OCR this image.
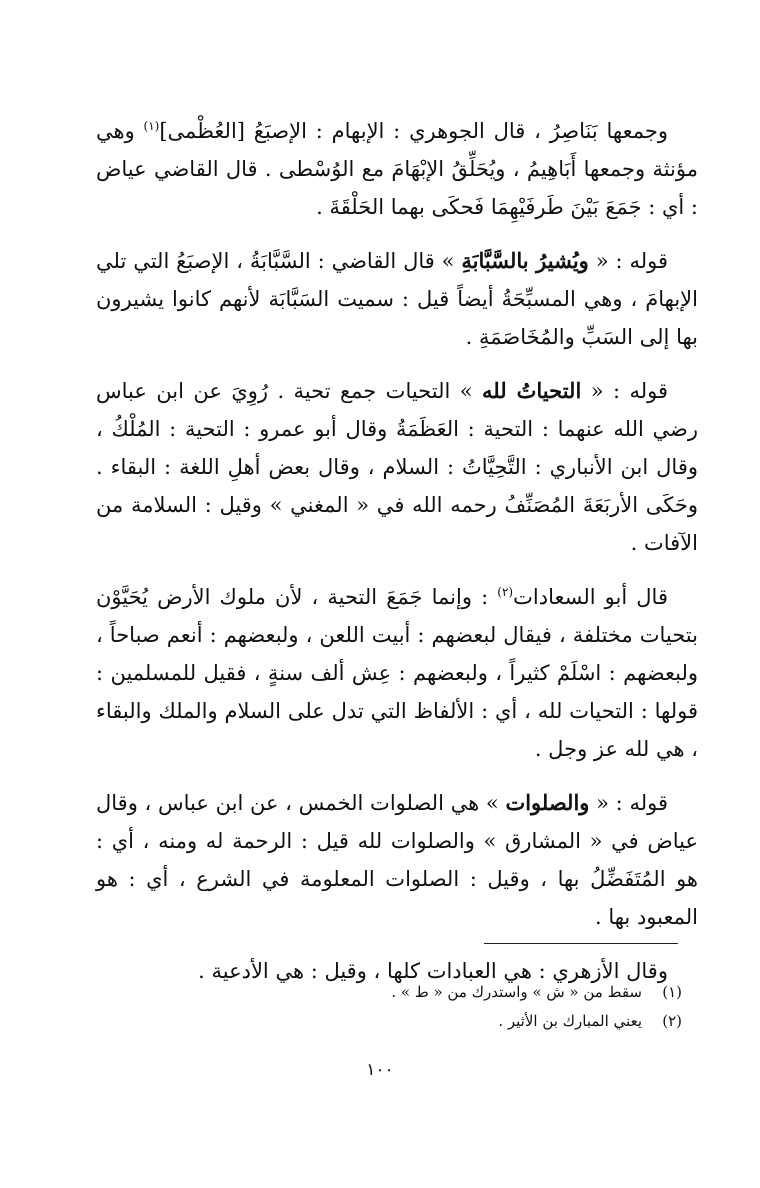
وجمعها بَنَاصِرُ ، قال الجوهري : الإبهام : الإصبَعُ [العُظْمى]$^{(١)}$ وهي مؤنثة وجمعها أَبَاهِيمُ ، ويُحَلِّقُ الإبْهَامَ مع الوُسْطى . قال القاضي عياض : أي : جَمَعَ بَيْنَ طَرفَيْهِمَا فَحكَى بهما الحَلْقَةَ .

قوله : « ويُشيرُ بالسَّبَّابَةِ » قال القاضي : السَّبَّابَةُ ، الإصبَعُ التي تلي الإبهامَ ، وهي المسبِّحَةُ أيضاً قيل : سميت السَبَّابَة لأنهم كانوا يشيرون بها إلى السَبِّ والمُخَاصَمَةِ .

قوله : « التحياتُ لله » التحيات جمع تحية . رُوِيَ عن ابن عباس رضي الله عنهما : التحية : العَظَمَةُ وقال أبو عمرو : التحية : المُلْكُ ، وقال ابن الأنباري : التَّحِيَّاتُ : السلام ، وقال بعض أهلِ اللغة : البقاء . وحَكَى الأربَعَةَ المُصَنِّفُ رحمه الله في « المغني » وقيل : السلامة من الآفات .

قال أبو السعادات$^{(٢)}$ : وإنما جَمَعَ التحية ، لأن ملوك الأرض يُحَيَّوْن بتحيات مختلفة ، فيقال لبعضهم : أبيت اللعن ، ولبعضهم : أنعم صباحاً ، ولبعضهم : اسْلَمْ كثيراً ، ولبعضهم : عِش ألف سنةٍ ، فقيل للمسلمين : قولها : التحيات لله ، أي : الألفاظ التي تدل على السلام والملك والبقاء ، هي لله عز وجل .

قوله : « والصلوات » هي الصلوات الخمس ، عن ابن عباس ، وقال عياض في « المشارق » والصلوات لله قيل : الرحمة له ومنه ، أي : هو المُتَفَضِّلُ بها ، وقيل : الصلوات المعلومة في الشرع ، أي : هو المعبود بها .

وقال الأزهري : هي العبادات كلها ، وقيل : هي الأدعية .

(١)سقط من « ش » واستدرك من « ط » .
(٢)يعني المبارك بن الأثير .
١٠٠
